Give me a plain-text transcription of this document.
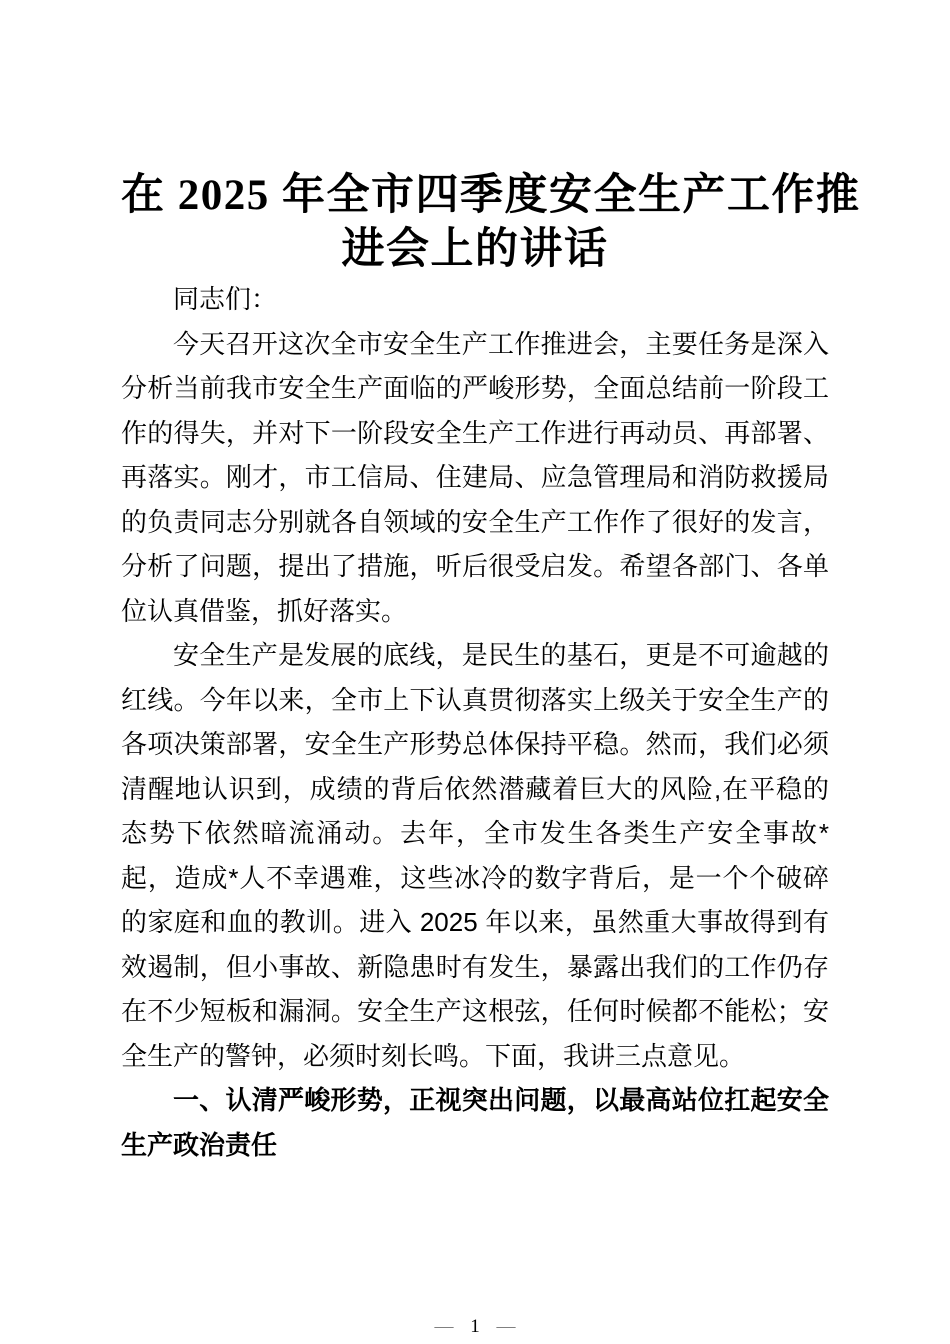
在 2025 年全市四季度安全生产工作推
进会上的讲话

同志们：

今天召开这次全市安全生产工作推进会，主要任务是深入分析当前我市安全生产面临的严峻形势，全面总结前一阶段工作的得失，并对下一阶段安全生产工作进行再动员、再部署、再落实。刚才，市工信局、住建局、应急管理局和消防救援局的负责同志分别就各自领域的安全生产工作作了很好的发言，分析了问题，提出了措施，听后很受启发。希望各部门、各单位认真借鉴，抓好落实。

安全生产是发展的底线，是民生的基石，更是不可逾越的红线。今年以来，全市上下认真贯彻落实上级关于安全生产的各项决策部署，安全生产形势总体保持平稳。然而，我们必须清醒地认识到，成绩的背后依然潜藏着巨大的风险,在平稳的态势下依然暗流涌动。去年，全市发生各类生产安全事故*起，造成*人不幸遇难，这些冰冷的数字背后，是一个个破碎的家庭和血的教训。进入 2025 年以来，虽然重大事故得到有效遏制，但小事故、新隐患时有发生，暴露出我们的工作仍存在不少短板和漏洞。安全生产这根弦，任何时候都不能松；安全生产的警钟，必须时刻长鸣。下面，我讲三点意见。

一、认清严峻形势，正视突出问题，以最高站位扛起安全生产政治责任

— 1 —
